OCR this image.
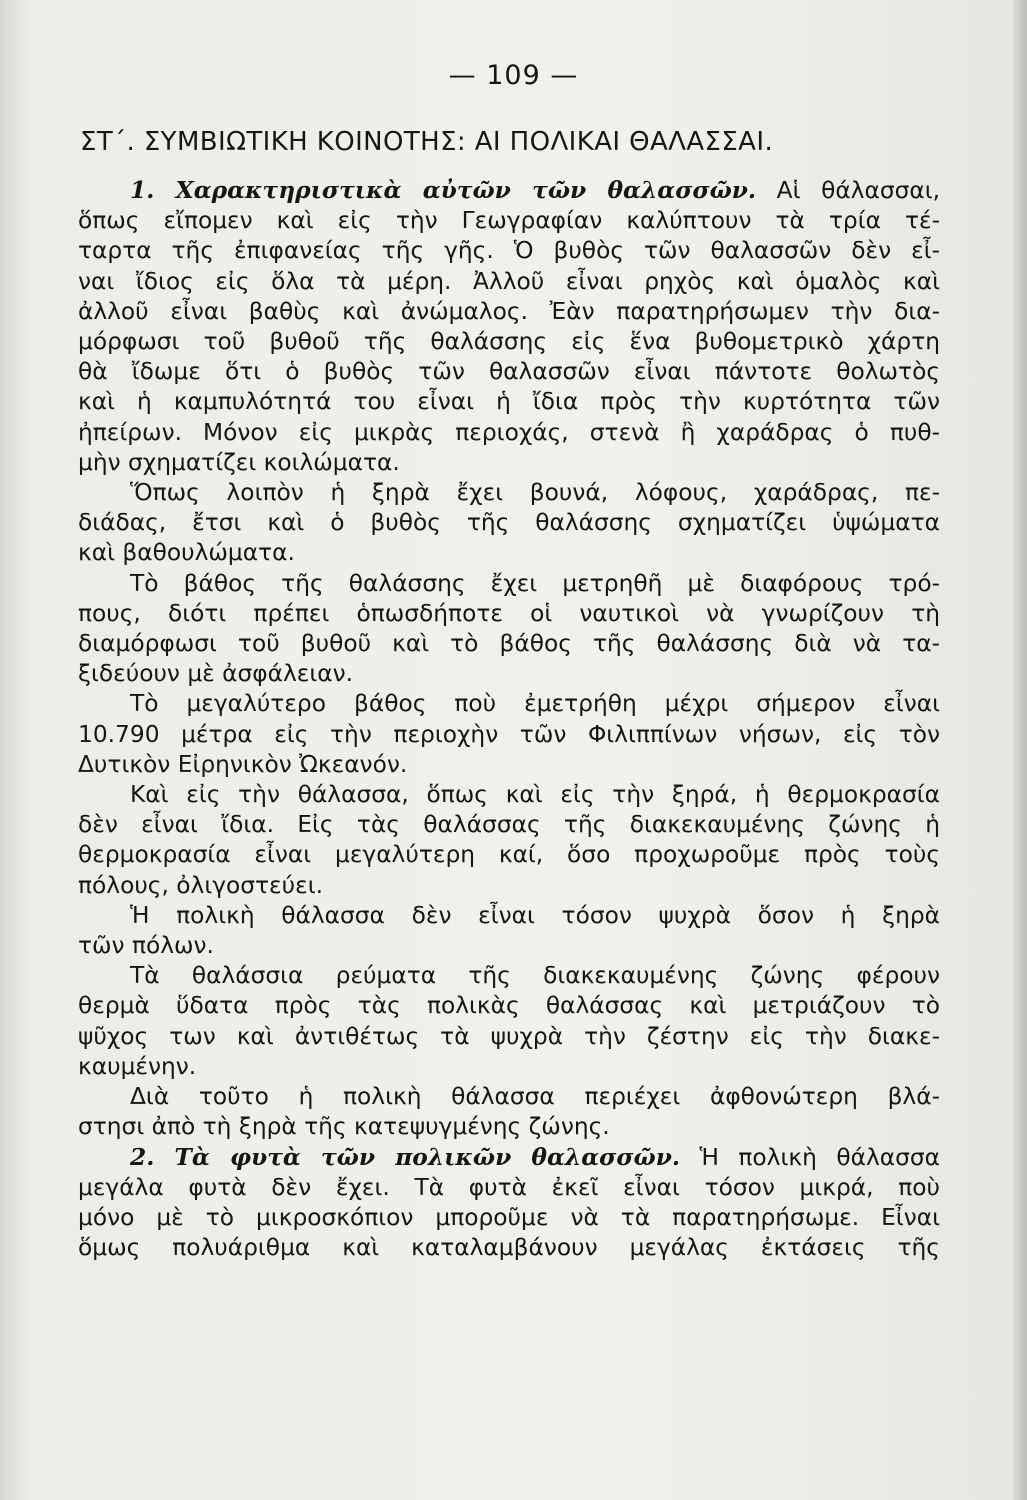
— 109 —
ΣΤ΄. ΣΥΜΒΙΩΤΙΚΗ ΚΟΙΝΟΤΗΣ: ΑΙ ΠΟΛΙΚΑΙ ΘΑΛΑΣΣΑΙ.
1. Χαρακτηριστικὰ αὐτῶν τῶν θαλασσῶν. Αἱ θάλασσαι,
ὅπως εἴπομεν καὶ εἰς τὴν Γεωγραφίαν καλύπτουν τὰ τρία τέ-
ταρτα τῆς ἐπιφανείας τῆς γῆς. Ὁ βυθὸς τῶν θαλασσῶν δὲν εἶ-
ναι ἴδιος εἰς ὅλα τὰ μέρη. Ἀλλοῦ εἶναι ρηχὸς καὶ ὁμαλὸς καὶ
ἀλλοῦ εἶναι βαθὺς καὶ ἀνώμαλος. Ἐὰν παρατηρήσωμεν τὴν δια-
μόρφωσι τοῦ βυθοῦ τῆς θαλάσσης εἰς ἕνα βυθομετρικὸ χάρτη
θὰ ἴδωμε ὅτι ὁ βυθὸς τῶν θαλασσῶν εἶναι πάντοτε θολωτὸς
καὶ ἡ καμπυλότητά του εἶναι ἡ ἴδια πρὸς τὴν κυρτότητα τῶν
ἠπείρων. Μόνον εἰς μικρὰς περιοχάς, στενὰ ἢ χαράδρας ὁ πυθ-
μὴν σχηματίζει κοιλώματα.
Ὅπως λοιπὸν ἡ ξηρὰ ἔχει βουνά, λόφους, χαράδρας, πε-
διάδας, ἔτσι καὶ ὁ βυθὸς τῆς θαλάσσης σχηματίζει ὑψώματα
καὶ βαθουλώματα.
Τὸ βάθος τῆς θαλάσσης ἔχει μετρηθῆ μὲ διαφόρους τρό-
πους, διότι πρέπει ὁπωσδήποτε οἱ ναυτικοὶ νὰ γνωρίζουν τὴ
διαμόρφωσι τοῦ βυθοῦ καὶ τὸ βάθος τῆς θαλάσσης διὰ νὰ τα-
ξιδεύουν μὲ ἀσφάλειαν.
Τὸ μεγαλύτερο βάθος ποὺ ἐμετρήθη μέχρι σήμερον εἶναι
10.790 μέτρα εἰς τὴν περιοχὴν τῶν Φιλιππίνων νήσων, εἰς τὸν
Δυτικὸν Εἰρηνικὸν Ὠκεανόν.
Καὶ εἰς τὴν θάλασσα, ὅπως καὶ εἰς τὴν ξηρά, ἡ θερμοκρασία
δὲν εἶναι ἴδια. Εἰς τὰς θαλάσσας τῆς διακεκαυμένης ζώνης ἡ
θερμοκρασία εἶναι μεγαλύτερη καί, ὅσο προχωροῦμε πρὸς τοὺς
πόλους, ὀλιγοστεύει.
Ἡ πολικὴ θάλασσα δὲν εἶναι τόσον ψυχρὰ ὅσον ἡ ξηρὰ
τῶν πόλων.
Τὰ θαλάσσια ρεύματα τῆς διακεκαυμένης ζώνης φέρουν
θερμὰ ὕδατα πρὸς τὰς πολικὰς θαλάσσας καὶ μετριάζουν τὸ
ψῦχος των καὶ ἀντιθέτως τὰ ψυχρὰ τὴν ζέστην εἰς τὴν διακε-
καυμένην.
Διὰ τοῦτο ἡ πολικὴ θάλασσα περιέχει ἀφθονώτερη βλά-
στησι ἀπὸ τὴ ξηρὰ τῆς κατεψυγμένης ζώνης.
2. Τὰ φυτὰ τῶν πολικῶν θαλασσῶν. Ἡ πολικὴ θάλασσα
μεγάλα φυτὰ δὲν ἔχει. Τὰ φυτὰ ἐκεῖ εἶναι τόσον μικρά, ποὺ
μόνο μὲ τὸ μικροσκόπιον μποροῦμε νὰ τὰ παρατηρήσωμε. Εἶναι
ὅμως πολυάριθμα καὶ καταλαμβάνουν μεγάλας ἐκτάσεις τῆς
